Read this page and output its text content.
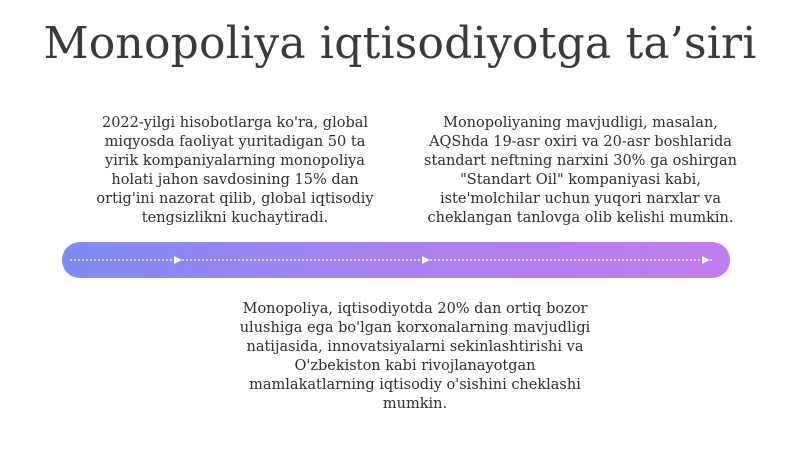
Monopoliya iqtisodiyotga ta’siri
2022-yilgi hisobotlarga ko'ra, global
miqyosda faoliyat yuritadigan 50 ta
yirik kompaniyalarning monopoliya
holati jahon savdosining 15% dan
ortig'ini nazorat qilib, global iqtisodiy
tengsizlikni kuchaytiradi.
Monopoliyaning mavjudligi, masalan,
AQShda 19-asr oxiri va 20-asr boshlarida
standart neftning narxini 30% ga oshirgan
"Standart Oil" kompaniyasi kabi,
iste'molchilar uchun yuqori narxlar va
cheklangan tanlovga olib kelishi mumkin.
Monopoliya, iqtisodiyotda 20% dan ortiq bozor
ulushiga ega bo'lgan korxonalarning mavjudligi
natijasida, innovatsiyalarni sekinlashtirishi va
O'zbekiston kabi rivojlanayotgan
mamlakatlarning iqtisodiy o'sishini cheklashi
mumkin.
